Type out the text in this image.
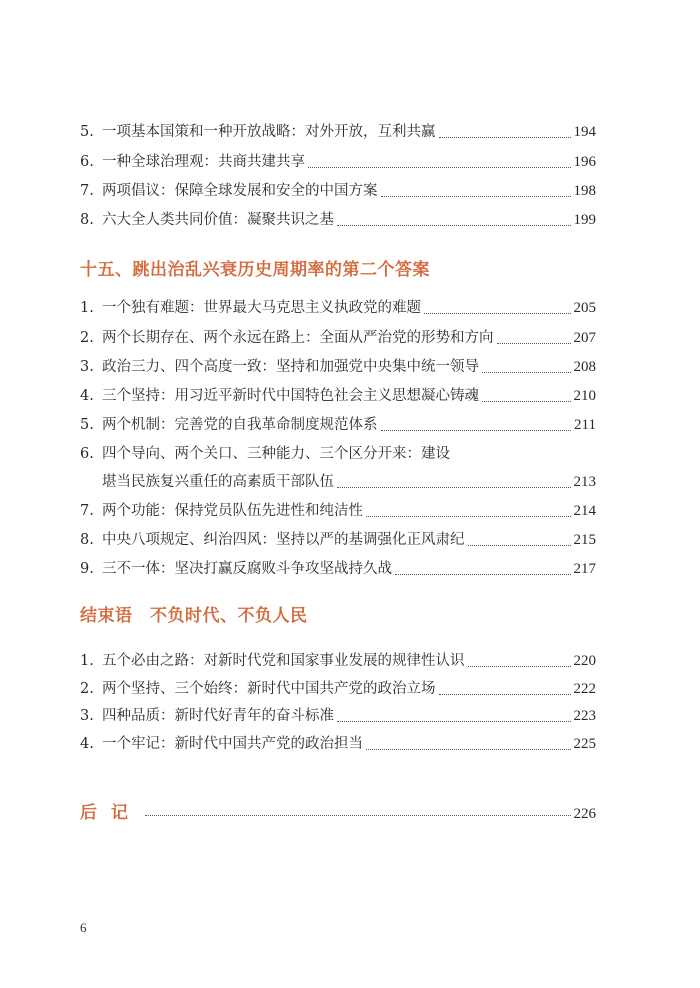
5. 一项基本国策和一种开放战略：对外开放，互利共赢	194
6. 一种全球治理观：共商共建共享	196
7. 两项倡议：保障全球发展和安全的中国方案	198
8. 六大全人类共同价值：凝聚共识之基	199
十五、跳出治乱兴衰历史周期率的第二个答案
1. 一个独有难题：世界最大马克思主义执政党的难题	205
2. 两个长期存在、两个永远在路上：全面从严治党的形势和方向	207
3. 政治三力、四个高度一致：坚持和加强党中央集中统一领导	208
4. 三个坚持：用习近平新时代中国特色社会主义思想凝心铸魂	210
5. 两个机制：完善党的自我革命制度规范体系	211
6. 四个导向、两个关口、三种能力、三个区分开来：建设
堪当民族复兴重任的高素质干部队伍	213
7. 两个功能：保持党员队伍先进性和纯洁性	214
8. 中央八项规定、纠治四风：坚持以严的基调强化正风肃纪	215
9. 三不一体：坚决打赢反腐败斗争攻坚战持久战	217
结束语　不负时代、不负人民
1. 五个必由之路：对新时代党和国家事业发展的规律性认识	220
2. 两个坚持、三个始终：新时代中国共产党的政治立场	222
3. 四种品质：新时代好青年的奋斗标准	223
4. 一个牢记：新时代中国共产党的政治担当	225
后记	226
6
